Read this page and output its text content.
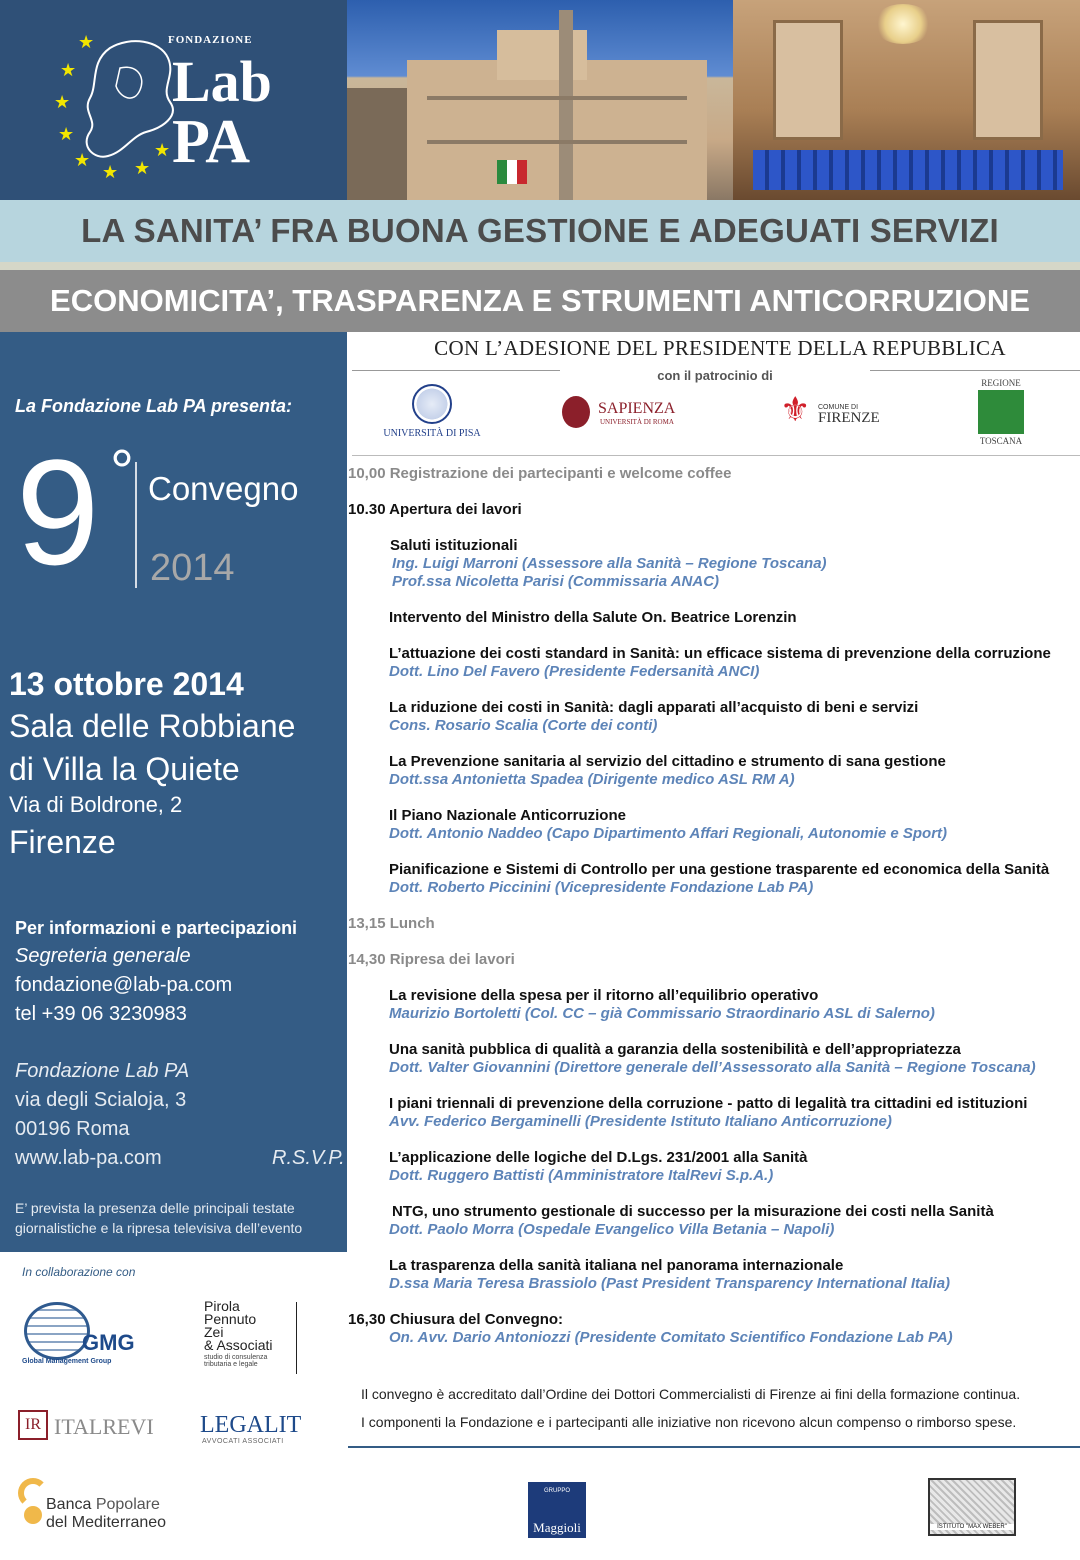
★
★
★
★
★
★ ★
★
FONDAZIONE
Lab
PA
LA SANITA’ FRA BUONA GESTIONE E ADEGUATI SERVIZI
ECONOMICITA’, TRASPARENZA E STRUMENTI ANTICORRUZIONE
La Fondazione Lab PA presenta:
9 ° Convegno
2014
13 ottobre 2014
Sala delle Robbiane
di Villa la Quiete
Via di Boldrone, 2
Firenze
Per informazioni e partecipazioni
Segreteria generale
fondazione@lab-pa.com
tel +39 06 3230983
Fondazione Lab PA
via degli Scialoja, 3
00196 Roma
www.lab-pa.com	R.S.V.P.
E’ prevista la presenza delle principali testate
giornalistiche e la ripresa televisiva dell’evento
CON L’ADESIONE DEL PRESIDENTE DELLA REPUBBLICA
con il patrocinio di
UNIVERSITÀ DI PISA
SAPIENZA
UNIVERSITÀ DI ROMA	⚜ COMUNE DI
FIRENZE
REGIONE
TOSCANA
10,00 Registrazione dei partecipanti e welcome coffee
10.30 Apertura dei lavori
Saluti istituzionali
Ing. Luigi Marroni (Assessore alla Sanità – Regione Toscana)
Prof.ssa Nicoletta Parisi (Commissaria ANAC)
Intervento del Ministro della Salute On. Beatrice Lorenzin
L’attuazione dei costi standard in Sanità: un efficace sistema di prevenzione della corruzione
Dott. Lino Del Favero (Presidente Federsanità ANCI)
La riduzione dei costi in Sanità: dagli apparati all’acquisto di beni e servizi
Cons. Rosario Scalia (Corte dei conti)
La Prevenzione sanitaria al servizio del cittadino e strumento di sana gestione
Dott.ssa Antonietta Spadea (Dirigente medico ASL RM A)
Il Piano Nazionale Anticorruzione
Dott. Antonio Naddeo (Capo Dipartimento Affari Regionali, Autonomie e Sport)
Pianificazione e Sistemi di Controllo per una gestione trasparente ed economica della Sanità
Dott. Roberto Piccinini (Vicepresidente Fondazione Lab PA)
13,15 Lunch
14,30 Ripresa dei lavori
La revisione della spesa per il ritorno all’equilibrio operativo
Maurizio Bortoletti (Col. CC – già Commissario Straordinario ASL di Salerno)
Una sanità pubblica di qualità a garanzia della sostenibilità e dell’appropriatezza
Dott. Valter Giovannini (Direttore generale dell’Assessorato alla Sanità – Regione Toscana)
I piani triennali di prevenzione della corruzione - patto di legalità tra cittadini ed istituzioni
Avv. Federico Bergaminelli (Presidente Istituto Italiano Anticorruzione)
L’applicazione delle logiche del D.Lgs. 231/2001 alla Sanità
Dott. Ruggero Battisti (Amministratore ItalRevi S.p.A.)
NTG, uno strumento gestionale di successo per la misurazione dei costi nella Sanità
Dott. Paolo Morra (Ospedale Evangelico Villa Betania – Napoli)
La trasparenza della sanità italiana nel panorama internazionale
D.ssa Maria Teresa Brassiolo (Past President Transparency International Italia)
16,30 Chiusura del Convegno:
On. Avv. Dario Antoniozzi (Presidente Comitato Scientifico Fondazione Lab PA)
Il convegno è accreditato dall’Ordine dei Dottori Commercialisti di Firenze ai fini della formazione continua.
I componenti la Fondazione e i partecipanti alle iniziative non ricevono alcun compenso o rimborso spese.
In collaborazione con
GMG
Global Management Group
Pirola
Pennuto
Zei
& Associati
studio di consulenza
tributaria e legale
IR ITALREVI LEGALIT
AVVOCATI ASSOCIATI
Banca Popolare
del Mediterraneo
GRUPPO
Maggioli	ISTITUTO "MAX WEBER"
